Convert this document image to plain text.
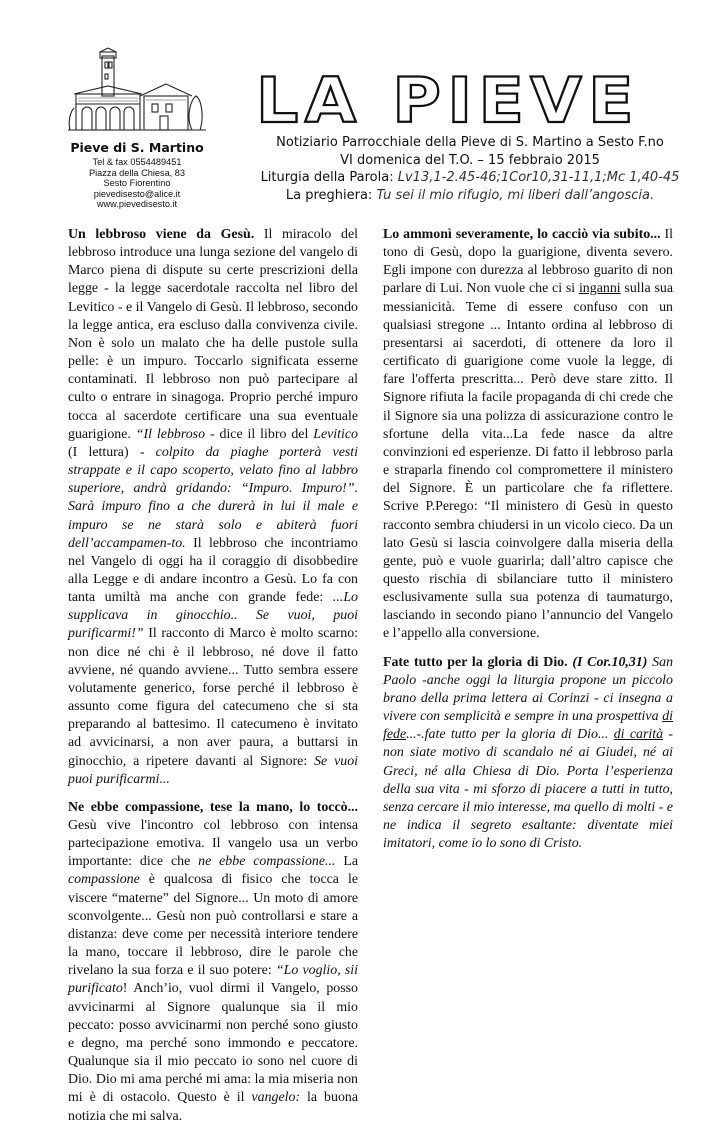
Pieve di S. Martino
Tel & fax 0554489451
Piazza della Chiesa, 83
Sesto Fiorentino
pievedisesto@alice.it
www.pievedisesto.it
LA PIEVE
Notiziario Parrocchiale della Pieve di S. Martino a Sesto F.no
VI domenica del T.O. – 15 febbraio 2015
Liturgia della Parola: Lv13,1-2.45-46;1Cor10,31-11,1;Mc 1,40-45
La preghiera: Tu sei il mio rifugio, mi liberi dall’angoscia.

Un lebbroso viene da Gesù. Il miracolo del lebbroso introduce una lunga sezione del vangelo di Marco piena di dispute su certe prescrizioni della legge - la legge sacerdotale raccolta nel libro del Levitico - e il Vangelo di Gesù. Il lebbroso, secondo la legge antica, era escluso dalla convivenza civile. Non è solo un malato che ha delle pustole sulla pelle: è un impuro. Toccarlo significata esserne contaminati. Il lebbroso non può partecipare al culto o entrare in sinagoga. Proprio perché impuro tocca al sacerdote certificare una sua eventuale guarigione. “Il lebbroso - dice il libro del Levitico (I lettura) - colpito da piaghe porterà vesti strappate e il capo scoperto, velato fino al labbro superiore, andrà gridando: “Impuro. Impuro!”. Sarà impuro fino a che durerà in lui il male e impuro se ne starà solo e abiterà fuori dell’accampamen-to. Il lebbroso che incontriamo nel Vangelo di oggi ha il coraggio di disobbedire alla Legge e di andare incontro a Gesù. Lo fa con tanta umiltà ma anche con grande fede: ...Lo supplicava in ginocchio.. Se vuoi, puoi purificarmi!” Il racconto di Marco è molto scarno: non dice né chi è il lebbroso, né dove il fatto avviene, né quando avviene... Tutto sembra essere volutamente generico, forse perché il lebbroso è assunto come figura del catecumeno che si sta preparando al battesimo. Il catecumeno è invitato ad avvicinarsi, a non aver paura, a buttarsi in ginocchio, a ripetere davanti al Signore: Se vuoi puoi purificarmi...

Ne ebbe compassione, tese la mano, lo toccò... Gesù vive l'incontro col lebbroso con intensa partecipazione emotiva. Il vangelo usa un verbo importante: dice che ne ebbe compassione... La compassione è qualcosa di fisico che tocca le viscere “materne” del Signore... Un moto di amore sconvolgente... Gesù non può controllarsi e stare a distanza: deve come per necessità interiore tendere la mano, toccare il lebbroso, dire le parole che rivelano la sua forza e il suo potere: “Lo voglio, sii purificato! Anch’io, vuol dirmi il Vangelo, posso avvicinarmi al Signore qualunque sia il mio peccato: posso avvicinarmi non perché sono giusto e degno, ma perché sono immondo e peccatore. Qualunque sia il mio peccato io sono nel cuore di Dio. Dio mi ama perché mi ama: la mia miseria non mi è di ostacolo. Questo è il vangelo: la buona notizia che mi salva.

Lo ammonì severamente, lo cacciò via subito... Il tono di Gesù, dopo la guarigione, diventa severo. Egli impone con durezza al lebbroso guarito di non parlare di Lui. Non vuole che ci si inganni sulla sua messianicità. Teme di essere confuso con un qualsiasi stregone ... Intanto ordina al lebbroso di presentarsi ai sacerdoti, di ottenere da loro il certificato di guarigione come vuole la legge, di fare l'offerta prescritta... Però deve stare zitto. Il Signore rifiuta la facile propaganda di chi crede che il Signore sia una polizza di assicurazione contro le sfortune della vita...La fede nasce da altre convinzioni ed esperienze. Di fatto il lebbroso parla e straparla finendo col compromettere il ministero del Signore. È un particolare che fa riflettere. Scrive P.Perego: “Il ministero di Gesù in questo racconto sembra chiudersi in un vicolo cieco. Da un lato Gesù si lascia coinvolgere dalla miseria della gente, può e vuole guarirla; dall’altro capisce che questo rischia di sbilanciare tutto il ministero esclusivamente sulla sua potenza di taumaturgo, lasciando in secondo piano l’annuncio del Vangelo e l’appello alla conversione.

Fate tutto per la gloria di Dio. (I Cor.10,31) San Paolo -anche oggi la liturgia propone un piccolo brano della prima lettera ai Corinzi - ci insegna a vivere con semplicità e sempre in una prospettiva di fede...-.fate tutto per la gloria di Dio... di carità -non siate motivo di scandalo né ai Giudei, né ai Greci, né alla Chiesa di Dio. Porta l’esperienza della sua vita - mi sforzo di piacere a tutti in tutto, senza cercare il mio interesse, ma quello di molti - e ne indica il segreto esaltante: diventate miei imitatori, come io lo sono di Cristo.
